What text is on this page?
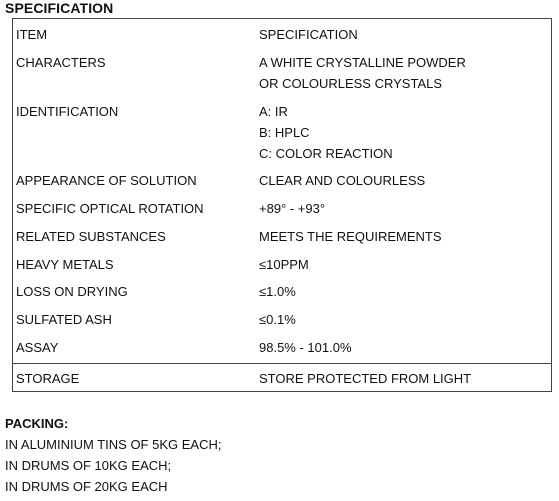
SPECIFICATION
ITEM	SPECIFICATION
CHARACTERS	A WHITE CRYSTALLINE POWDER
OR COLOURLESS CRYSTALS
IDENTIFICATION	A: IR
B: HPLC
C: COLOR REACTION
APPEARANCE OF SOLUTION	CLEAR AND COLOURLESS
SPECIFIC OPTICAL ROTATION	+89° - +93°
RELATED SUBSTANCES	MEETS THE REQUIREMENTS
HEAVY METALS	≤10PPM
LOSS ON DRYING	≤1.0%
SULFATED ASH	≤0.1%
ASSAY	98.5% - 101.0%
STORAGE	STORE PROTECTED FROM LIGHT
PACKING:
IN ALUMINIUM TINS OF 5KG EACH;
IN DRUMS OF 10KG EACH;
IN DRUMS OF 20KG EACH
